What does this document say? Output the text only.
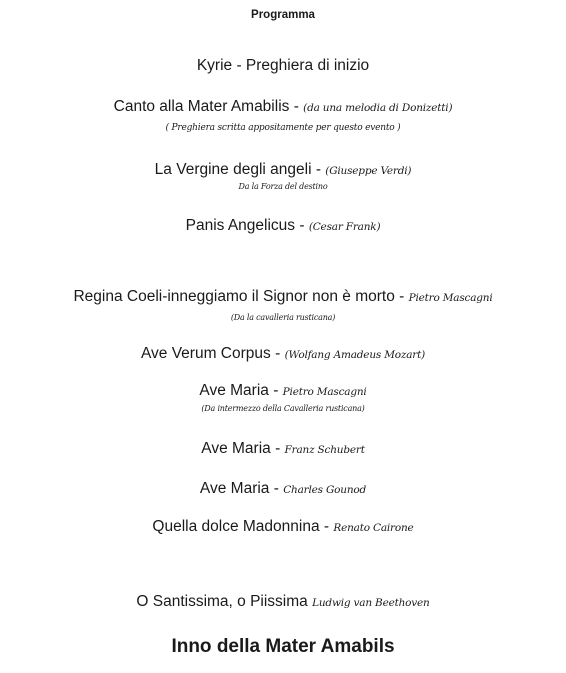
Programma
Kyrie - Preghiera di inizio
Canto alla Mater Amabilis - (da una melodia di Donizetti)
( Preghiera scritta appositamente per questo evento )
La Vergine degli angeli - (Giuseppe Verdi)
Da la Forza del destino
Panis Angelicus - (Cesar Frank)
Regina Coeli-inneggiamo il Signor non è morto - Pietro Mascagni
(Da la cavalleria rusticana)
Ave Verum Corpus - (Wolfang Amadeus Mozart)
Ave Maria - Pietro Mascagni
(Da intermezzo della Cavalleria rusticana)
Ave Maria - Franz Schubert
Ave Maria - Charles Gounod
Quella dolce Madonnina - Renato Cairone
O Santissima, o Piissima Ludwig van Beethoven
Inno della Mater Amabils
